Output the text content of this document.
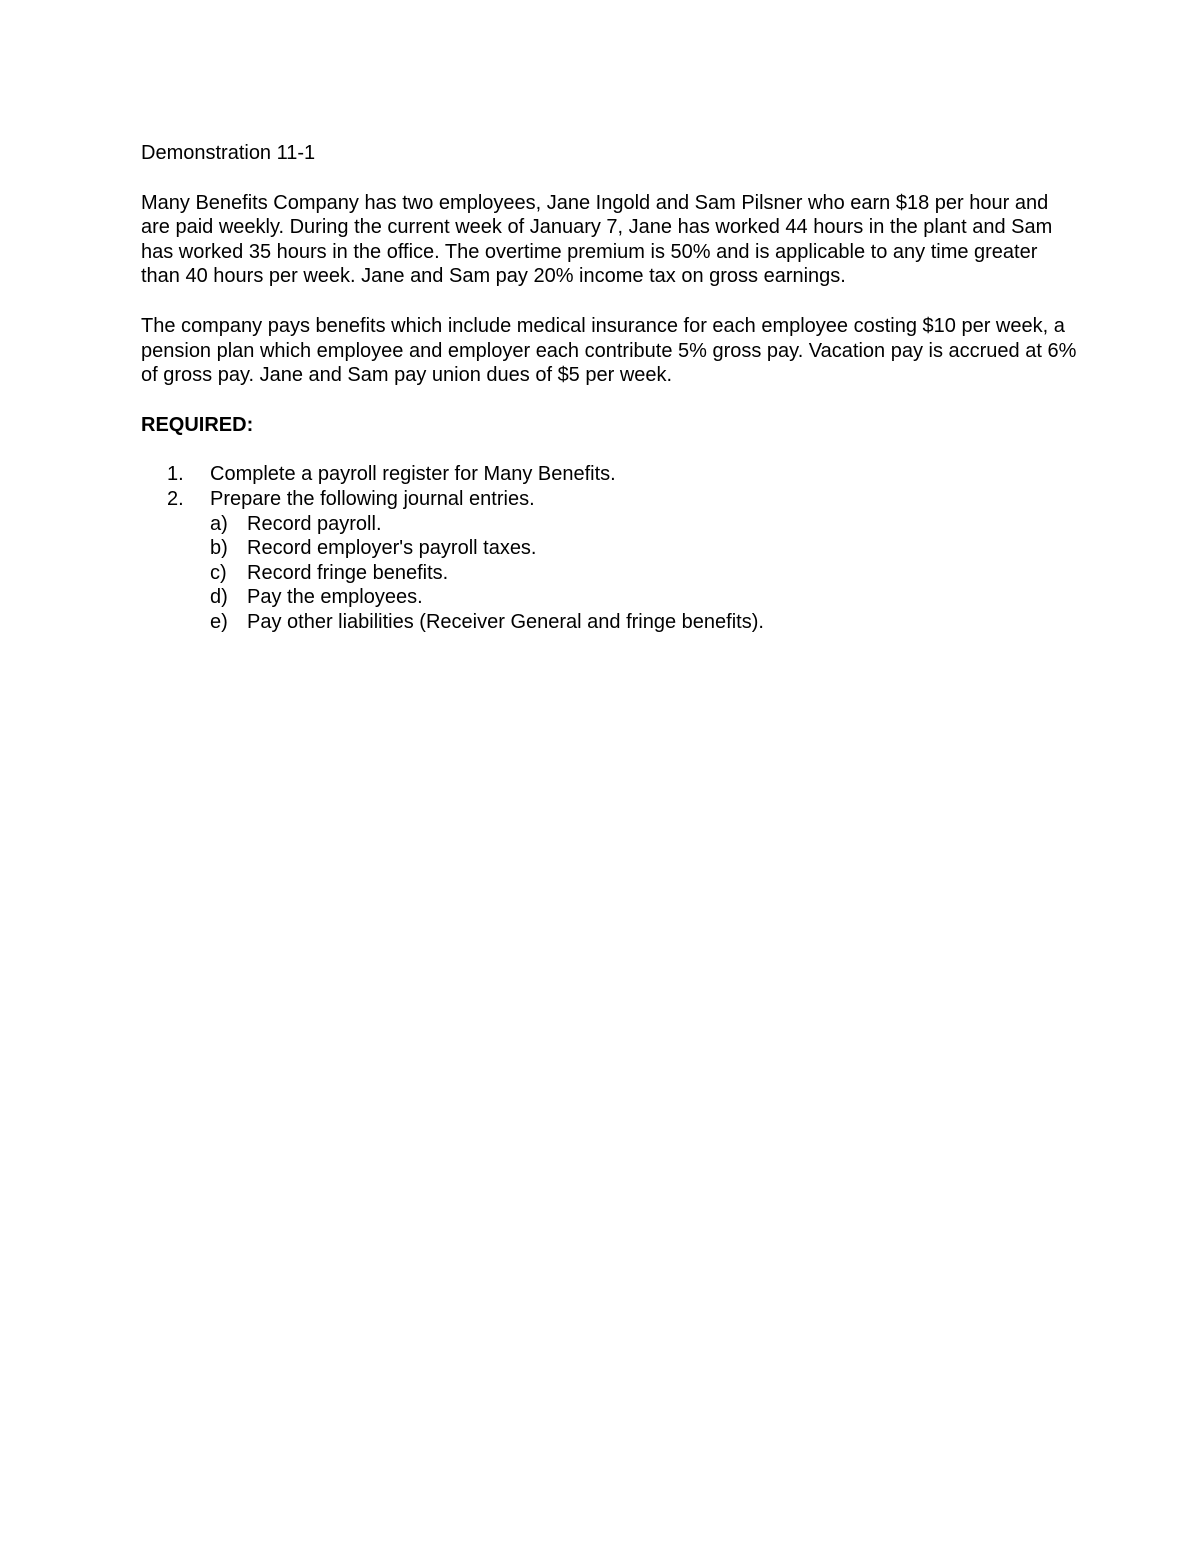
Demonstration 11-1
Many Benefits Company has two employees, Jane Ingold and Sam Pilsner who earn $18 per hour and are paid weekly. During the current week of January 7, Jane has worked 44 hours in the plant and Sam has worked 35 hours in the office. The overtime premium is 50% and is applicable to any time greater than 40 hours per week. Jane and Sam pay 20% income tax on gross earnings.
The company pays benefits which include medical insurance for each employee costing $10 per week, a pension plan which employee and employer each contribute 5% gross pay. Vacation pay is accrued at 6% of gross pay. Jane and Sam pay union dues of $5 per week.
REQUIRED:
1. Complete a payroll register for Many Benefits.
2. Prepare the following journal entries.
a) Record payroll.
b) Record employer's payroll taxes.
c) Record fringe benefits.
d) Pay the employees.
e) Pay other liabilities (Receiver General and fringe benefits).
